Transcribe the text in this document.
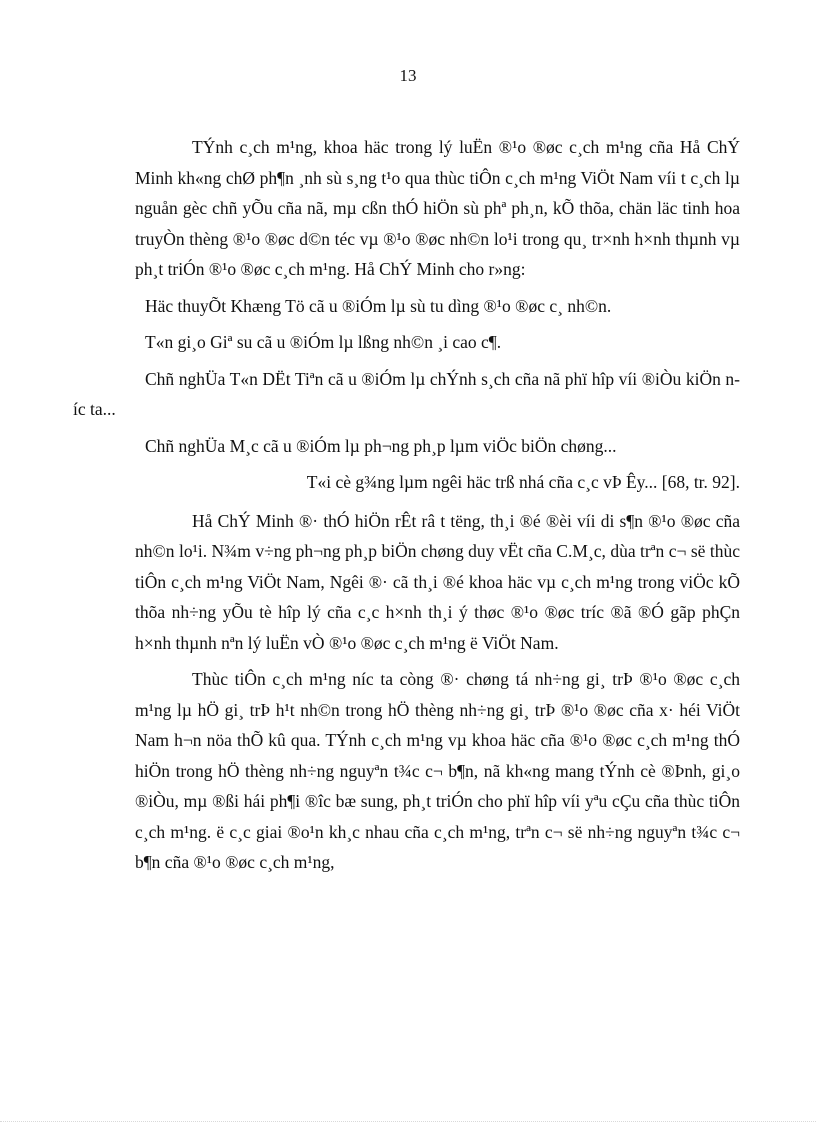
13

TÝnh c¸ch m¹ng, khoa häc trong lý luËn ®¹o ®øc c¸ch m¹ng cña Hå ChÝ Minh kh«ng chØ ph¶n ¸nh sù s¸ng t¹o qua thùc tiÔn c¸ch m¹ng ViÖt Nam víi t c¸ch lµ nguån gèc chñ yÕu cña nã, mµ cßn thÓ hiÖn sù phª ph¸n, kÕ thõa, chän läc tinh hoa truyÒn thèng ®¹o ®øc d©n téc vµ ®¹o ®øc nh©n lo¹i trong qu¸ tr×nh h×nh thµnh vµ ph¸t triÓn ®¹o ®øc c¸ch m¹ng. Hå ChÝ Minh cho r»ng:

Häc thuyÕt Khæng Tö cã u ®iÓm lµ sù tu dìng ®¹o ®øc c¸ nh©n.

T«n gi¸o Giª su cã u ®iÓm lµ lßng nh©n ¸i cao c¶.

Chñ nghÜa T«n DËt Tiªn cã u ®iÓm lµ chÝnh s¸ch cña nã phï hîp víi ®iÒu kiÖn níc ta...

Chñ nghÜa M¸c cã u ®iÓm lµ ph¬ng ph¸p lµm viÖc biÖn chøng...

T«i cè g¾ng lµm ngêi häc trß nhá cña c¸c vÞ Êy... [68, tr. 92].

Hå ChÝ Minh ®· thÓ hiÖn rÊt râ t tëng, th¸i ®é ®èi víi di s¶n ®¹o ®øc cña nh©n lo¹i. N¾m v÷ng ph¬ng ph¸p biÖn chøng duy vËt cña C.M¸c, dùa trªn c¬ së thùc tiÔn c¸ch m¹ng ViÖt Nam, Ngêi ®· cã th¸i ®é khoa häc vµ c¸ch m¹ng trong viÖc kÕ thõa nh÷ng yÕu tè hîp lý cña c¸c h×nh th¸i ý thøc ®¹o ®øc tríc ®ã ®Ó gãp phÇn h×nh thµnh nªn lý luËn vÒ ®¹o ®øc c¸ch m¹ng ë ViÖt Nam.

Thùc tiÔn c¸ch m¹ng níc ta còng ®· chøng tá nh÷ng gi¸ trÞ ®¹o ®øc c¸ch m¹ng lµ hÖ gi¸ trÞ h¹t nh©n trong hÖ thèng nh÷ng gi¸ trÞ ®¹o ®øc cña x· héi ViÖt Nam h¬n nöa thÕ kû qua. TÝnh c¸ch m¹ng vµ khoa häc cña ®¹o ®øc c¸ch m¹ng thÓ hiÖn trong hÖ thèng nh÷ng nguyªn t¾c c¬ b¶n, nã kh«ng mang tÝnh cè ®Þnh, gi¸o ®iÒu, mµ ®ßi hái ph¶i ®îc bæ sung, ph¸t triÓn cho phï hîp víi yªu cÇu cña thùc tiÔn c¸ch m¹ng. ë c¸c giai ®o¹n kh¸c nhau cña c¸ch m¹ng, trªn c¬ së nh÷ng nguyªn t¾c c¬ b¶n cña ®¹o ®øc c¸ch m¹ng,
